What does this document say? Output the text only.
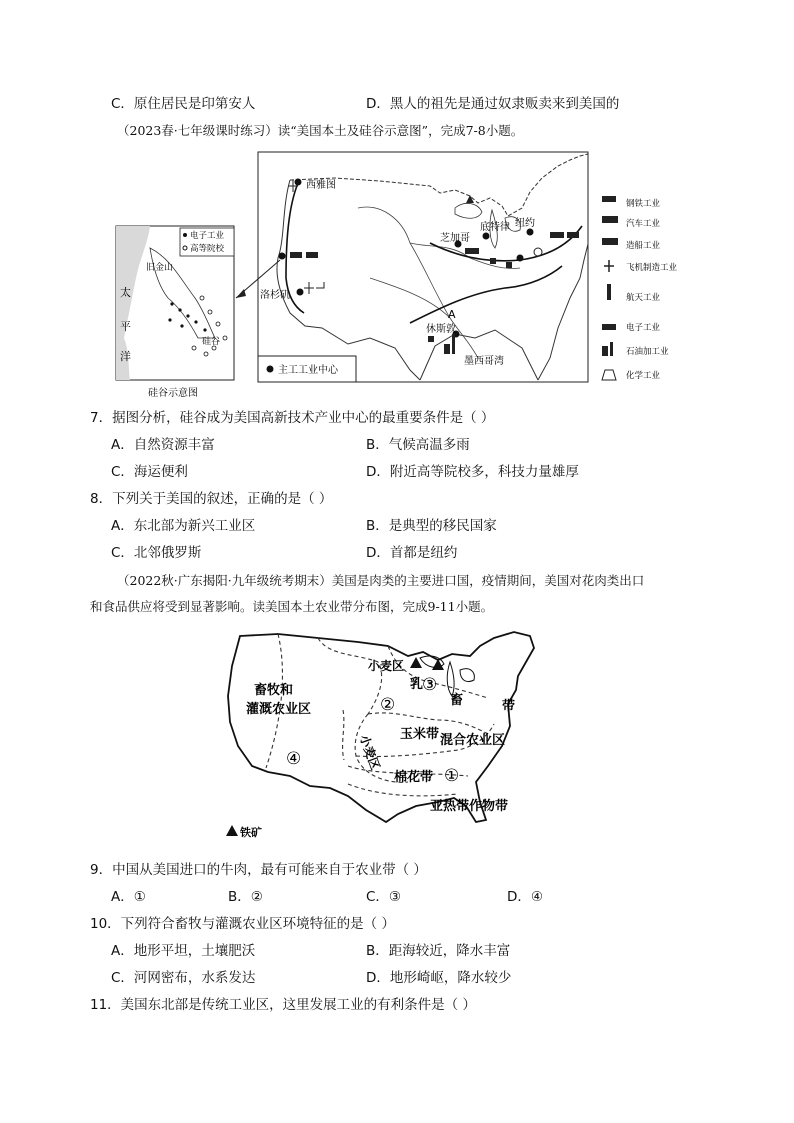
C．原住居民是印第安人	D．黑人的祖先是通过奴隶贩卖来到美国的
（2023春·七年级课时练习）读“美国本土及硅谷示意图”，完成7-8小题。
西雅图
洛杉矶
芝加哥
底特律 纽约
休斯敦
墨西哥湾
A
主工工业中心
电子工业
高等院校
旧金山
硅谷
太
平
洋
硅谷示意图
钢铁工业
汽车工业
造船工业
飞机制造工业
航天工业
电子工业
石油加工业
化学工业
7．据图分析，硅谷成为美国高新技术产业中心的最重要条件是（ ）
A．自然资源丰富	B．气候高温多雨
C．海运便利	D．附近高等院校多，科技力量雄厚
8．下列关于美国的叙述，正确的是（ ）
A．东北部为新兴工业区	B．是典型的移民国家
C．北邻俄罗斯	D．首都是纽约
（2022秋·广东揭阳·九年级统考期末）美国是肉类的主要进口国，疫情期间，美国对花肉类出口
和食品供应将受到显著影响。读美国本土农业带分布图，完成9-11小题。
畜牧和
灌溉农业区
小麦区
小麦区
乳
畜	带
玉米带 混合农业区
棉花带
亚热带作物带
①
②
③
④
铁矿
9．中国从美国进口的牛肉，最有可能来自于农业带（ ）
A．①	B．②	C．③	D．④
10．下列符合畜牧与灌溉农业区环境特征的是（ ）
A．地形平坦，土壤肥沃	B．距海较近，降水丰富
C．河网密布，水系发达	D．地形崎岖，降水较少
11．美国东北部是传统工业区，这里发展工业的有利条件是（ ）
